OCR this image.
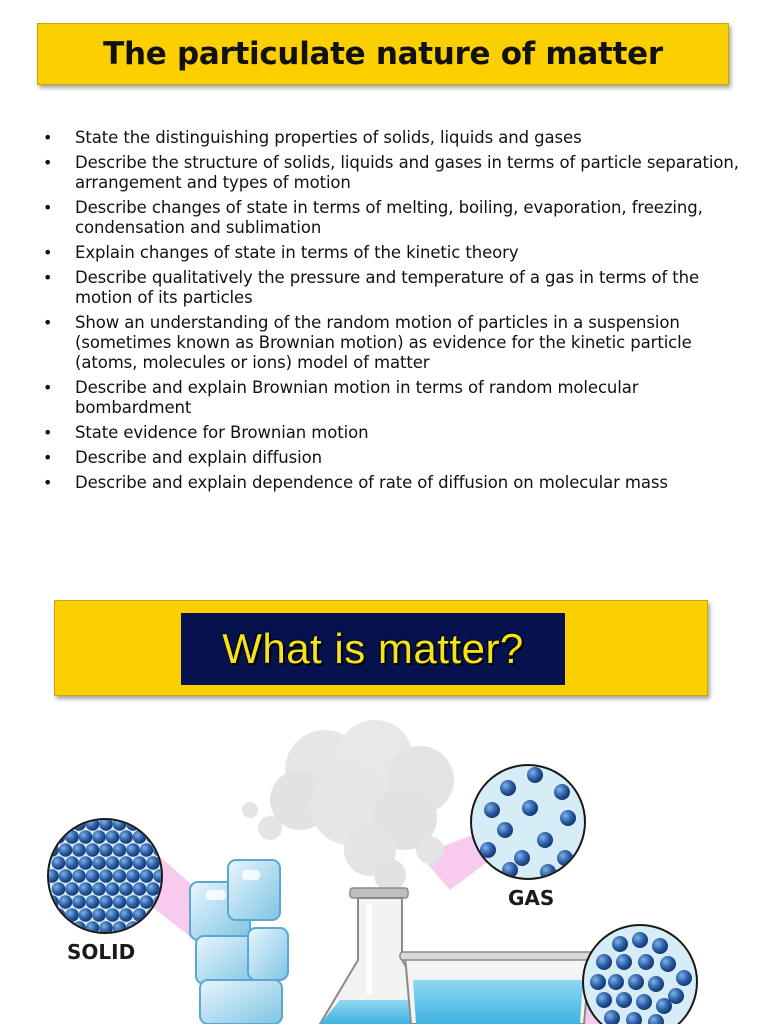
The particulate nature of matter
• State the distinguishing properties of solids, liquids and gases
• Describe the structure of solids, liquids and gases in terms of particle separation, arrangement and types of motion
• Describe changes of state in terms of melting, boiling, evaporation, freezing, condensation and sublimation
• Explain changes of state in terms of the kinetic theory
• Describe qualitatively the pressure and temperature of a gas in terms of the motion of its particles
• Show an understanding of the random motion of particles in a suspension (sometimes known as Brownian motion) as evidence for the kinetic particle (atoms, molecules or ions) model of matter
• Describe and explain Brownian motion in terms of random molecular bombardment
• State evidence for Brownian motion
• Describe and explain diffusion
• Describe and explain dependence of rate of diffusion on molecular mass
What is matter?
GAS
SOLID
